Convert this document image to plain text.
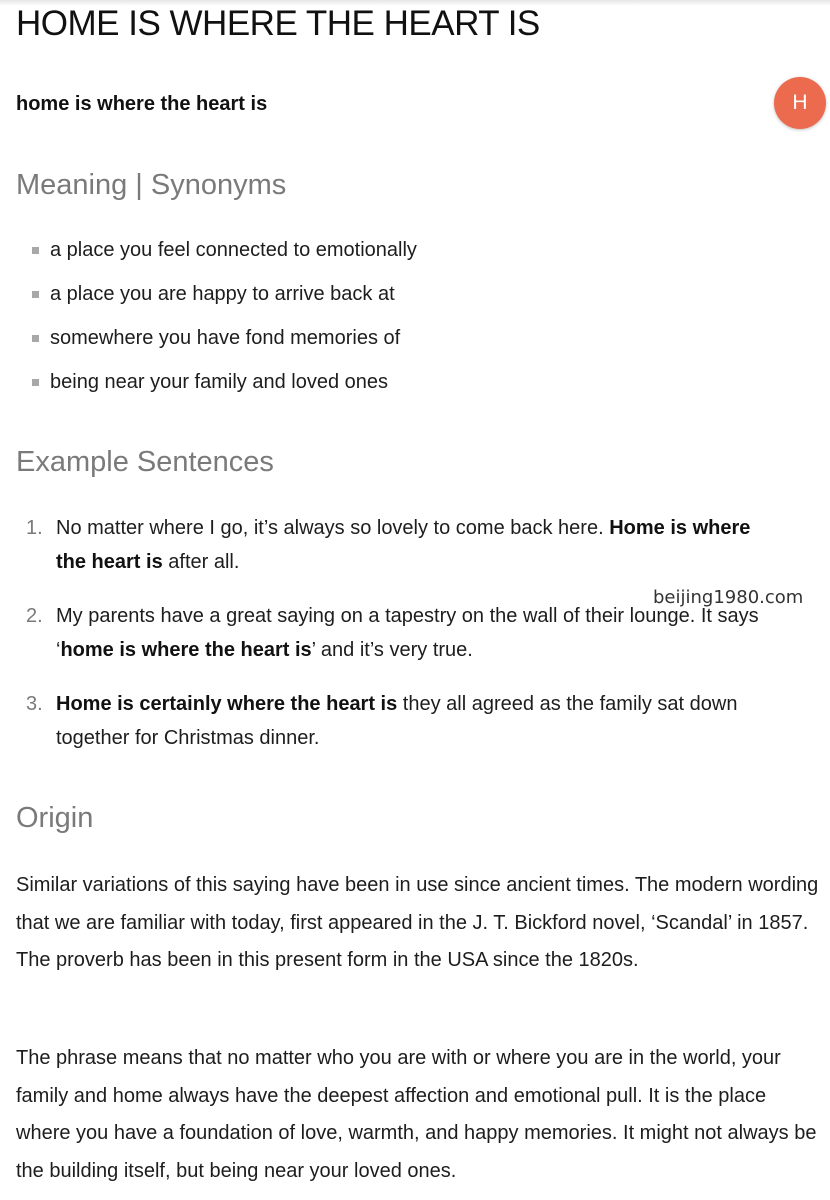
HOME IS WHERE THE HEART IS

home is where the heart is	H
Meaning | Synonyms
a place you feel connected to emotionally
a place you are happy to arrive back at
somewhere you have fond memories of
being near your family and loved ones
Example Sentences
1. No matter where I go, it’s always so lovely to come back here. Home is where the heart is after all.
2. My parents have a great saying on a tapestry on the wall of their lounge. It says ‘home is where the heart is’ and it’s very true.
3. Home is certainly where the heart is they all agreed as the family sat down together for Christmas dinner.
beijing1980.com
Origin

Similar variations of this saying have been in use since ancient times. The modern wording that we are familiar with today, first appeared in the J. T. Bickford novel, ‘Scandal’ in 1857. The proverb has been in this present form in the USA since the 1820s.

The phrase means that no matter who you are with or where you are in the world, your family and home always have the deepest affection and emotional pull. It is the place where you have a foundation of love, warmth, and happy memories. It might not always be the building itself, but being near your loved ones.
